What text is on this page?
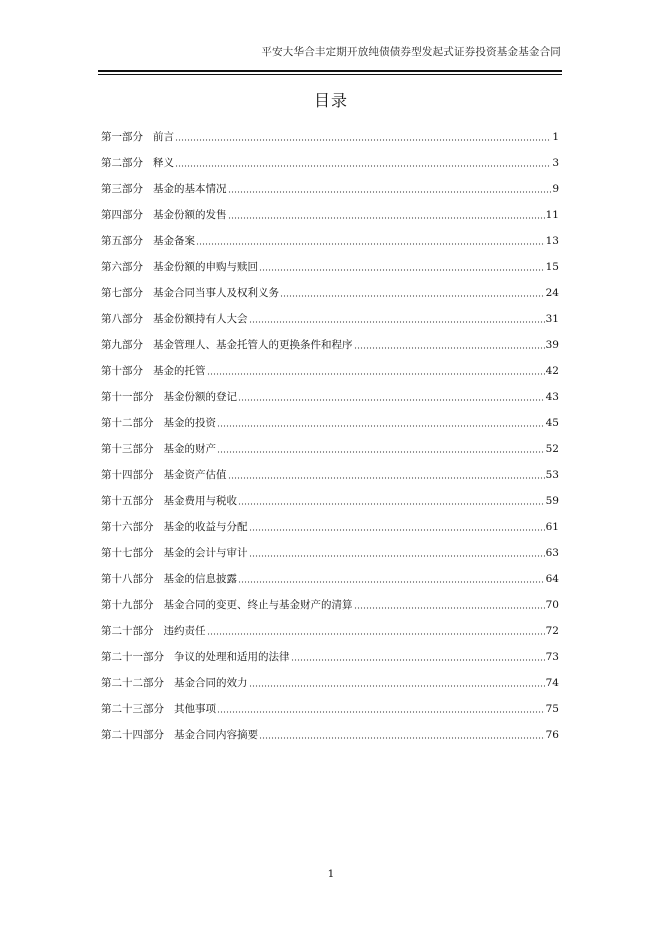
平安大华合丰定期开放纯债债券型发起式证券投资基金基金合同
目录
第一部分 前言	1
第二部分 释义	3
第三部分 基金的基本情况	9
第四部分 基金份额的发售	11
第五部分 基金备案	13
第六部分 基金份额的申购与赎回	15
第七部分 基金合同当事人及权利义务	24
第八部分 基金份额持有人大会	31
第九部分 基金管理人、基金托管人的更换条件和程序	39
第十部分 基金的托管	42
第十一部分 基金份额的登记	43
第十二部分 基金的投资	45
第十三部分 基金的财产	52
第十四部分 基金资产估值	53
第十五部分 基金费用与税收	59
第十六部分 基金的收益与分配	61
第十七部分 基金的会计与审计	63
第十八部分 基金的信息披露	64
第十九部分 基金合同的变更、终止与基金财产的清算	70
第二十部分 违约责任	72
第二十一部分 争议的处理和适用的法律	73
第二十二部分 基金合同的效力	74
第二十三部分 其他事项	75
第二十四部分 基金合同内容摘要	76
1
